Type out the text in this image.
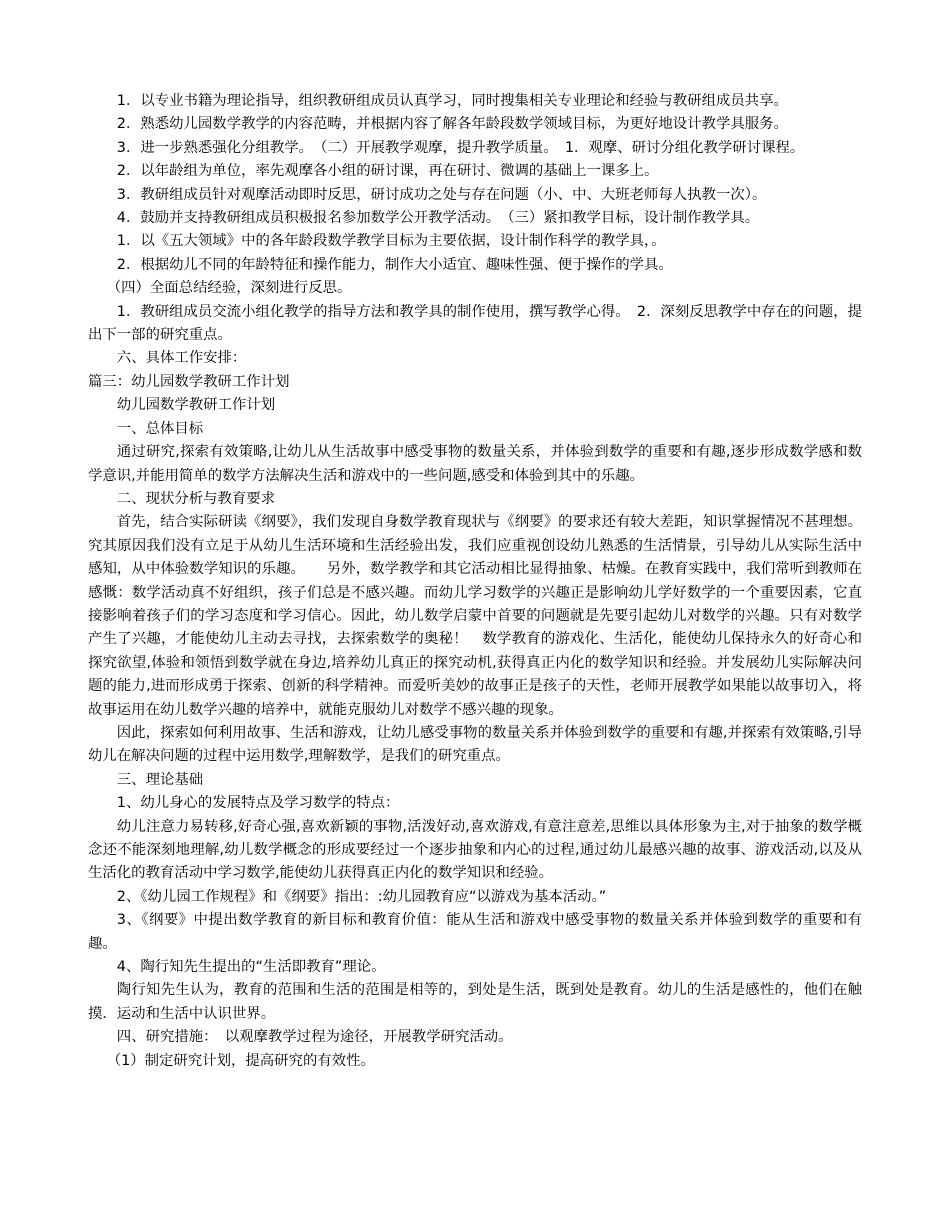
1．以专业书籍为理论指导，组织教研组成员认真学习，同时搜集相关专业理论和经验与教研组成员共享。

2．熟悉幼儿园数学教学的内容范畴，并根据内容了解各年龄段数学领域目标，为更好地设计教学具服务。

3．进一步熟悉强化分组教学。　（二）开展教学观摩，提升教学质量。　1．观摩、研讨分组化教学研讨课程。

2．以年龄组为单位，率先观摩各小组的研讨课，再在研讨、微调的基础上一课多上。

3．教研组成员针对观摩活动即时反思，研讨成功之处与存在问题（小、中、大班老师每人执教一次）。

4．鼓励并支持教研组成员积极报名参加数学公开教学活动。　（三）紧扣教学目标，设计制作教学具。

1．以《五大领域》中的各年龄段数学教学目标为主要依据，设计制作科学的教学具，。

2．根据幼儿不同的年龄特征和操作能力，制作大小适宜、趣味性强、便于操作的学具。

（四）全面总结经验，深刻进行反思。

1．教研组成员交流小组化教学的指导方法和教学具的制作使用，撰写教学心得。　2．深刻反思教学中存在的问题，提出下一部的研究重点。

六、具体工作安排：

篇三：幼儿园数学教研工作计划

幼儿园数学教研工作计划

一、总体目标

通过研究,探索有效策略,让幼儿从生活故事中感受事物的数量关系，并体验到数学的重要和有趣,逐步形成数学感和数学意识,并能用简单的数学方法解决生活和游戏中的一些问题,感受和体验到其中的乐趣。

二、现状分析与教育要求

首先，结合实际研读《纲要》，我们发现自身数学教育现状与《纲要》的要求还有较大差距，知识掌握情况不甚理想。究其原因我们没有立足于从幼儿生活环境和生活经验出发，我们应重视创设幼儿熟悉的生活情景，引导幼儿从实际生活中感知，从中体验数学知识的乐趣。　　另外，数学教学和其它活动相比显得抽象、枯燥。在教育实践中，我们常听到教师在感慨：数学活动真不好组织，孩子们总是不感兴趣。而幼儿学习数学的兴趣正是影响幼儿学好数学的一个重要因素，它直接影响着孩子们的学习态度和学习信心。因此，幼儿数学启蒙中首要的问题就是先要引起幼儿对数学的兴趣。只有对数学产生了兴趣，才能使幼儿主动去寻找，去探索数学的奥秘！　数学教育的游戏化、生活化，能使幼儿保持永久的好奇心和探究欲望,体验和领悟到数学就在身边,培养幼儿真正的探究动机,获得真正内化的数学知识和经验。并发展幼儿实际解决问题的能力,进而形成勇于探索、创新的科学精神。而爱听美妙的故事正是孩子的天性，老师开展教学如果能以故事切入，将故事运用在幼儿数学兴趣的培养中，就能克服幼儿对数学不感兴趣的现象。

因此，探索如何利用故事、生活和游戏，让幼儿感受事物的数量关系并体验到数学的重要和有趣,并探索有效策略,引导幼儿在解决问题的过程中运用数学,理解数学，是我们的研究重点。

三、理论基础

1、幼儿身心的发展特点及学习数学的特点：

幼儿注意力易转移,好奇心强,喜欢新颖的事物,活泼好动,喜欢游戏,有意注意差,思维以具体形象为主,对于抽象的数学概念还不能深刻地理解,幼儿数学概念的形成要经过一个逐步抽象和内心的过程,通过幼儿最感兴趣的故事、游戏活动,以及从生活化的教育活动中学习数学,能使幼儿获得真正内化的数学知识和经验。

2、《幼儿园工作规程》和《纲要》指出：:幼儿园教育应“以游戏为基本活动。”

3、《纲要》中提出数学教育的新目标和教育价值：能从生活和游戏中感受事物的数量关系并体验到数学的重要和有趣。

4、陶行知先生提出的“生活即教育”理论。

陶行知先生认为，教育的范围和生活的范围是相等的，到处是生活，既到处是教育。幼儿的生活是感性的，他们在触摸．运动和生活中认识世界。

四、研究措施：　以观摩教学过程为途径，开展教学研究活动。

（1）制定研究计划，提高研究的有效性。
